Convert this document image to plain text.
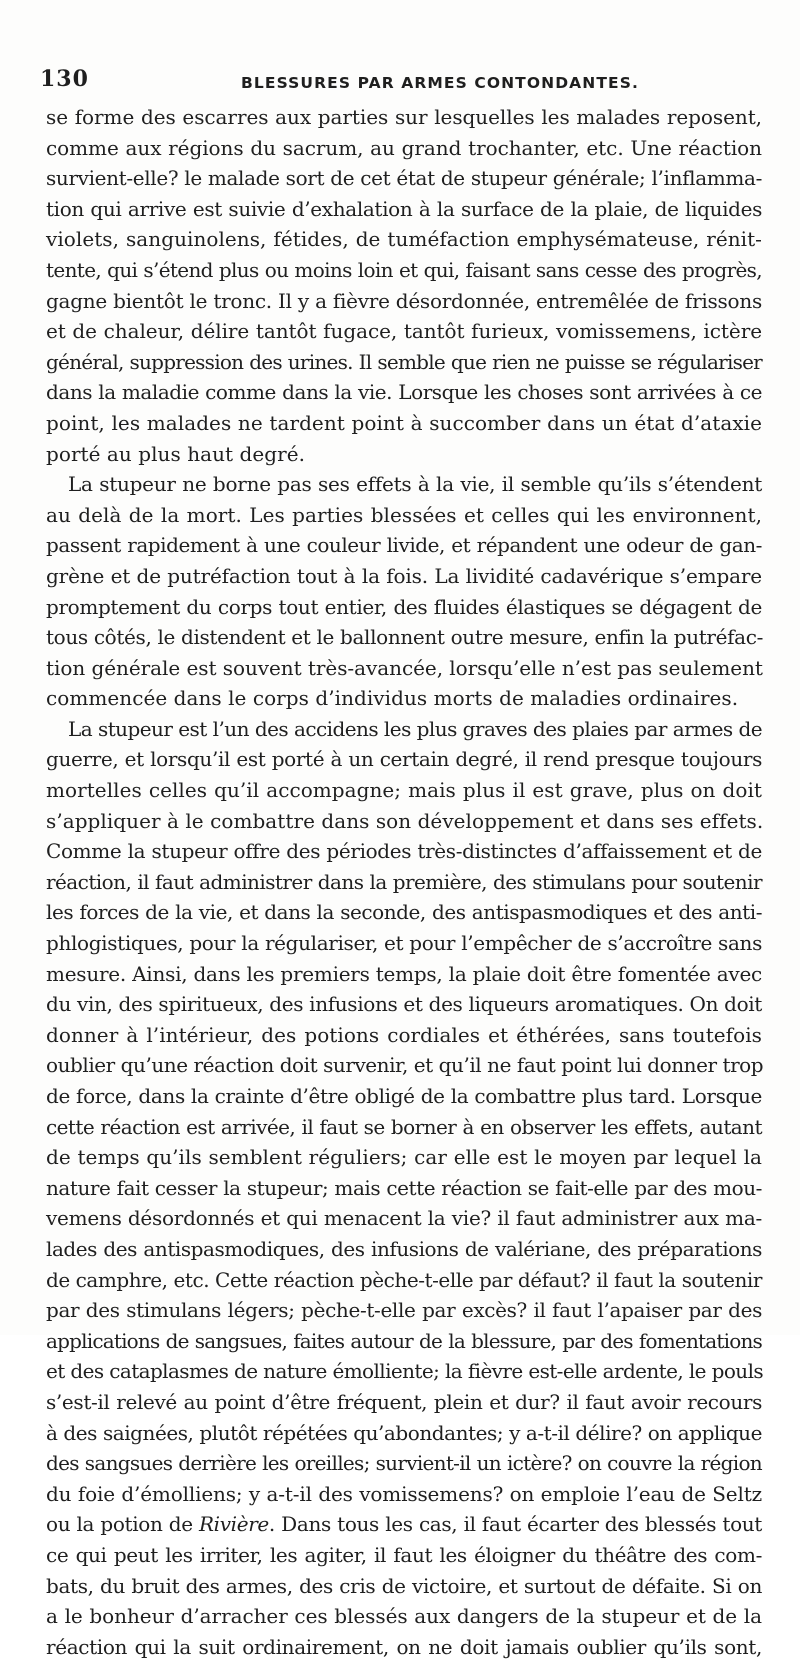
130	BLESSURES PAR ARMES CONTONDANTES.
se forme des escarres aux parties sur lesquelles les malades reposent,
comme aux régions du sacrum, au grand trochanter, etc. Une réaction
survient-elle? le malade sort de cet état de stupeur générale; l’inflamma-
tion qui arrive est suivie d’exhalation à la surface de la plaie, de liquides
violets, sanguinolens, fétides, de tuméfaction emphysémateuse, rénit-
tente, qui s’étend plus ou moins loin et qui, faisant sans cesse des progrès,
gagne bientôt le tronc. Il y a fièvre désordonnée, entremêlée de frissons
et de chaleur, délire tantôt fugace, tantôt furieux, vomissemens, ictère
général, suppression des urines. Il semble que rien ne puisse se régulariser
dans la maladie comme dans la vie. Lorsque les choses sont arrivées à ce
point, les malades ne tardent point à succomber dans un état d’ataxie
porté au plus haut degré.
La stupeur ne borne pas ses effets à la vie, il semble qu’ils s’étendent
au delà de la mort. Les parties blessées et celles qui les environnent,
passent rapidement à une couleur livide, et répandent une odeur de gan-
grène et de putréfaction tout à la fois. La lividité cadavérique s’empare
promptement du corps tout entier, des fluides élastiques se dégagent de
tous côtés, le distendent et le ballonnent outre mesure, enfin la putréfac-
tion générale est souvent très-avancée, lorsqu’elle n’est pas seulement
commencée dans le corps d’individus morts de maladies ordinaires.
La stupeur est l’un des accidens les plus graves des plaies par armes de
guerre, et lorsqu’il est porté à un certain degré, il rend presque toujours
mortelles celles qu’il accompagne; mais plus il est grave, plus on doit
s’appliquer à le combattre dans son développement et dans ses effets.
Comme la stupeur offre des périodes très-distinctes d’affaissement et de
réaction, il faut administrer dans la première, des stimulans pour soutenir
les forces de la vie, et dans la seconde, des antispasmodiques et des anti-
phlogistiques, pour la régulariser, et pour l’empêcher de s’accroître sans
mesure. Ainsi, dans les premiers temps, la plaie doit être fomentée avec
du vin, des spiritueux, des infusions et des liqueurs aromatiques. On doit
donner à l’intérieur, des potions cordiales et éthérées, sans toutefois
oublier qu’une réaction doit survenir, et qu’il ne faut point lui donner trop
de force, dans la crainte d’être obligé de la combattre plus tard. Lorsque
cette réaction est arrivée, il faut se borner à en observer les effets, autant
de temps qu’ils semblent réguliers; car elle est le moyen par lequel la
nature fait cesser la stupeur; mais cette réaction se fait-elle par des mou-
vemens désordonnés et qui menacent la vie? il faut administrer aux ma-
lades des antispasmodiques, des infusions de valériane, des préparations
de camphre, etc. Cette réaction pèche-t-elle par défaut? il faut la soutenir
par des stimulans légers; pèche-t-elle par excès? il faut l’apaiser par des
applications de sangsues, faites autour de la blessure, par des fomentations
et des cataplasmes de nature émolliente; la fièvre est-elle ardente, le pouls
s’est-il relevé au point d’être fréquent, plein et dur? il faut avoir recours
à des saignées, plutôt répétées qu’abondantes; y a-t-il délire? on applique
des sangsues derrière les oreilles; survient-il un ictère? on couvre la région
du foie d’émolliens; y a-t-il des vomissemens? on emploie l’eau de Seltz
ou la potion de Rivière. Dans tous les cas, il faut écarter des blessés tout
ce qui peut les irriter, les agiter, il faut les éloigner du théâtre des com-
bats, du bruit des armes, des cris de victoire, et surtout de défaite. Si on
a le bonheur d’arracher ces blessés aux dangers de la stupeur et de la
réaction qui la suit ordinairement, on ne doit jamais oublier qu’ils sont,
